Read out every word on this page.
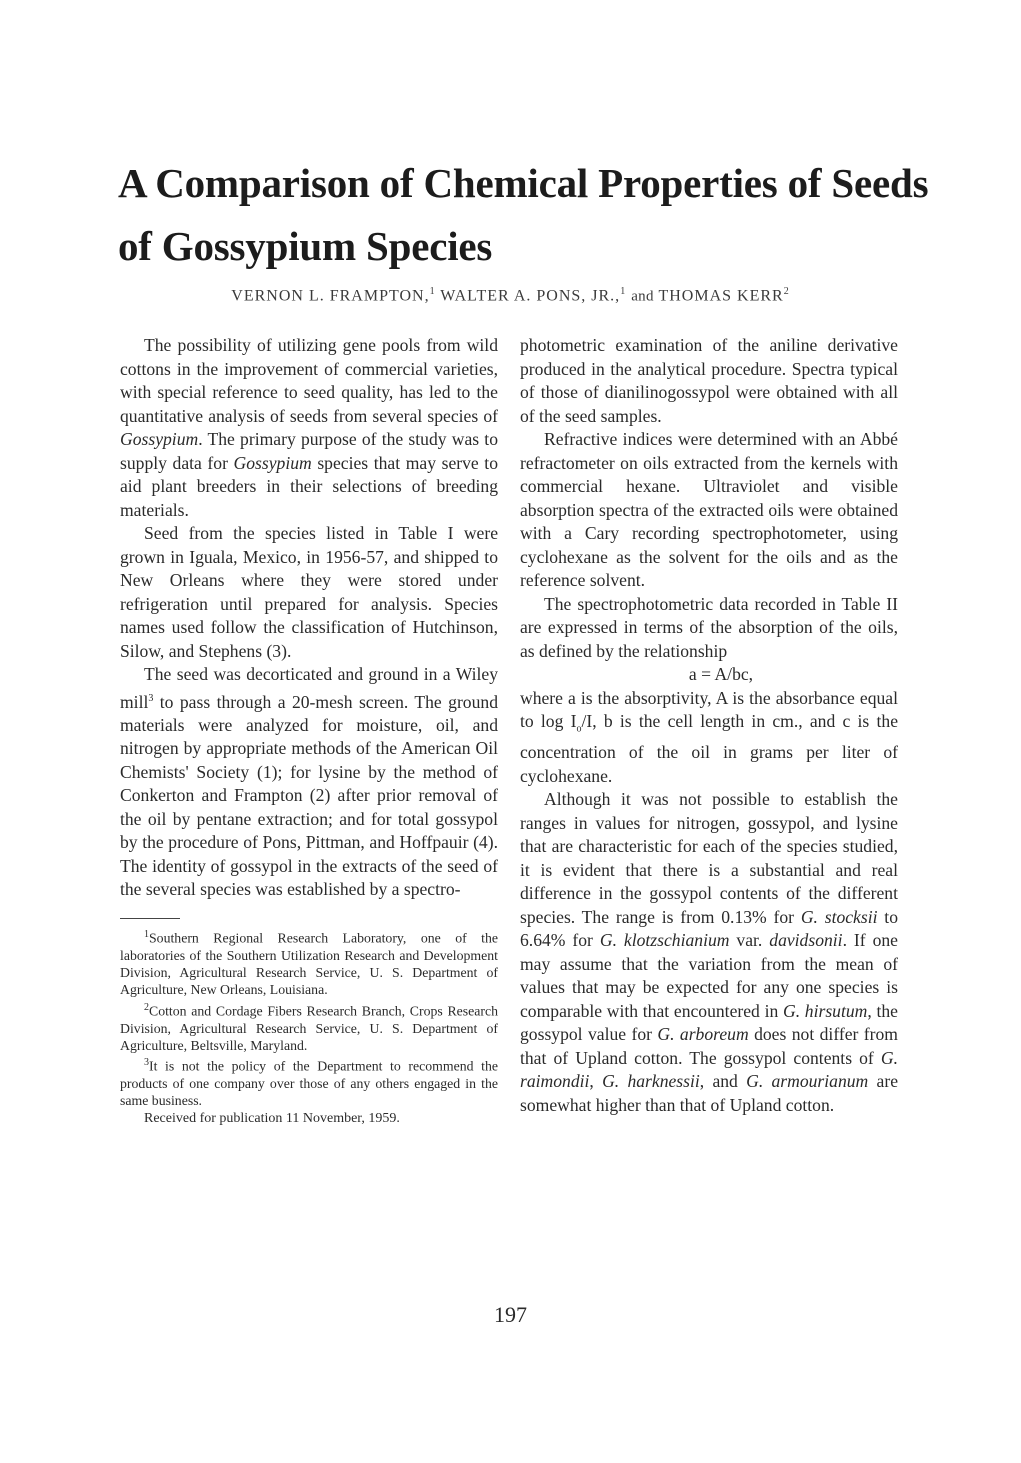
A Comparison of Chemical Properties of Seeds of Gossypium Species
VERNON L. FRAMPTON,$^1$ WALTER A. PONS, JR.,$^1$ and THOMAS KERR$^2$

The possibility of utilizing gene pools from wild cottons in the improvement of commercial varieties, with special reference to seed quality, has led to the quantitative analysis of seeds from several species of Gossypium. The primary purpose of the study was to supply data for Gossypium species that may serve to aid plant breeders in their selections of breeding materials.

Seed from the species listed in Table I were grown in Iguala, Mexico, in 1956-57, and shipped to New Orleans where they were stored under refrigeration until prepared for analysis. Species names used follow the classification of Hutchinson, Silow, and Stephens (3).

The seed was decorticated and ground in a Wiley mill$^3$ to pass through a 20-mesh screen. The ground materials were analyzed for moisture, oil, and nitrogen by appropriate methods of the American Oil Chemists' Society (1); for lysine by the method of Conkerton and Frampton (2) after prior removal of the oil by pentane extraction; and for total gossypol by the procedure of Pons, Pittman, and Hoffpauir (4). The identity of gossypol in the extracts of the seed of the several species was established by a spectro-

$^1$Southern Regional Research Laboratory, one of the laboratories of the Southern Utilization Research and Development Division, Agricultural Research Service, U. S. Department of Agriculture, New Orleans, Louisiana.

$^2$Cotton and Cordage Fibers Research Branch, Crops Research Division, Agricultural Research Service, U. S. Department of Agriculture, Beltsville, Maryland.

$^3$It is not the policy of the Department to recommend the products of one company over those of any others engaged in the same business.

Received for publication 11 November, 1959.

photometric examination of the aniline derivative produced in the analytical procedure. Spectra typical of those of dianilinogossypol were obtained with all of the seed samples.

Refractive indices were determined with an Abbé refractometer on oils extracted from the kernels with commercial hexane. Ultraviolet and visible absorption spectra of the extracted oils were obtained with a Cary recording spectrophotometer, using cyclohexane as the solvent for the oils and as the reference solvent.

The spectrophotometric data recorded in Table II are expressed in terms of the absorption of the oils, as defined by the relationship

a = A/bc,

where a is the absorptivity, A is the absorbance equal to $\log I_o/I$, b is the cell length in cm., and c is the concentration of the oil in grams per liter of cyclohexane.

Although it was not possible to establish the ranges in values for nitrogen, gossypol, and lysine that are characteristic for each of the species studied, it is evident that there is a substantial and real difference in the gossypol contents of the different species. The range is from 0.13% for G. stocksii to 6.64% for G. klotzschianium var. davidsonii. If one may assume that the variation from the mean of values that may be expected for any one species is comparable with that encountered in G. hirsutum, the gossypol value for G. arboreum does not differ from that of Upland cotton. The gossypol contents of G. raimondii, G. harknessii, and G. armourianum are somewhat higher than that of Upland cotton.

197
